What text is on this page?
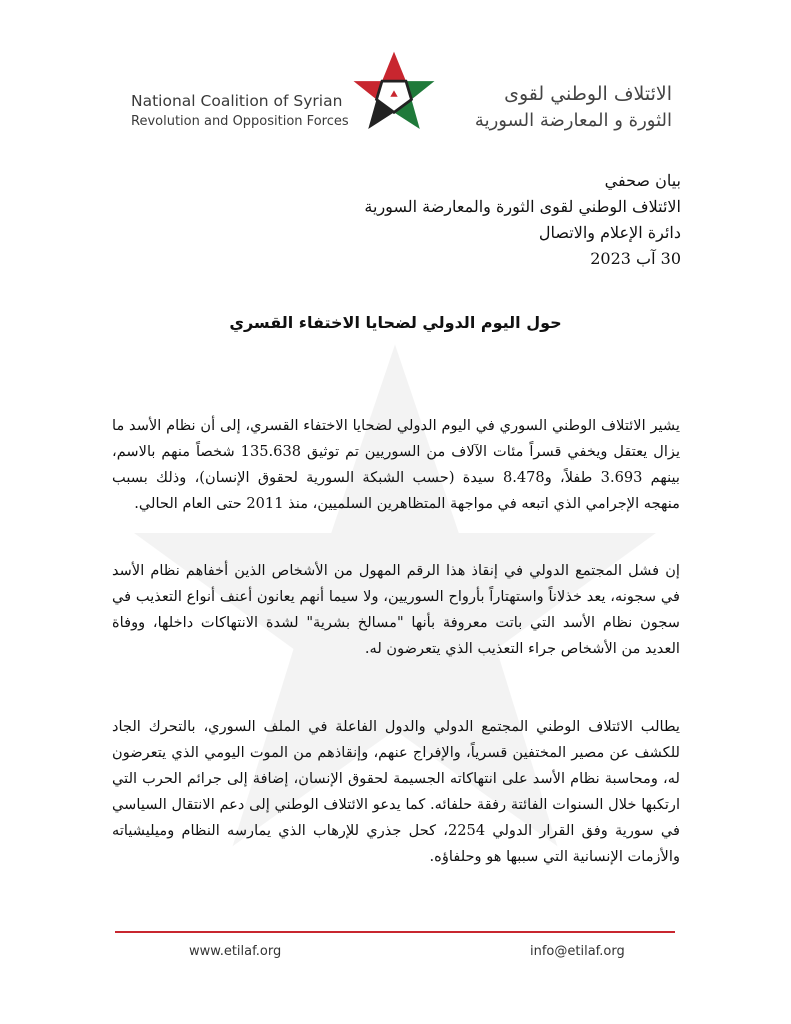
National Coalition of Syrian
Revolution and Opposition Forces
الائتلاف الوطني لقوى
الثورة و المعارضة السورية
بيان صحفي
الائتلاف الوطني لقوى الثورة والمعارضة السورية
دائرة الإعلام والاتصال
30 آب 2023
حول اليوم الدولي لضحايا الاختفاء القسري

يشير الائتلاف الوطني السوري في اليوم الدولي لضحايا الاختفاء القسري، إلى أن نظام الأسد ما يزال يعتقل ويخفي قسراً مئات الآلاف من السوريين تم توثيق 135.638 شخصاً منهم بالاسم، بينهم 3.693 طفلاً، و8.478 سيدة (حسب الشبكة السورية لحقوق الإنسان)، وذلك بسبب منهجه الإجرامي الذي اتبعه في مواجهة المتظاهرين السلميين، منذ 2011 حتى العام الحالي.

إن فشل المجتمع الدولي في إنقاذ هذا الرقم المهول من الأشخاص الذين أخفاهم نظام الأسد في سجونه، يعد خذلاناً واستهتاراً بأرواح السوريين، ولا سيما أنهم يعانون أعنف أنواع التعذيب في سجون نظام الأسد التي باتت معروفة بأنها "مسالخ بشرية" لشدة الانتهاكات داخلها، ووفاة العديد من الأشخاص جراء التعذيب الذي يتعرضون له.

يطالب الائتلاف الوطني المجتمع الدولي والدول الفاعلة في الملف السوري، بالتحرك الجاد للكشف عن مصير المختفين قسرياً، والإفراج عنهم، وإنقاذهم من الموت اليومي الذي يتعرضون له، ومحاسبة نظام الأسد على انتهاكاته الجسيمة لحقوق الإنسان، إضافة إلى جرائم الحرب التي ارتكبها خلال السنوات الفائتة رفقة حلفائه. كما يدعو الائتلاف الوطني إلى دعم الانتقال السياسي في سورية وفق القرار الدولي 2254، كحل جذري للإرهاب الذي يمارسه النظام وميليشياته والأزمات الإنسانية التي سببها هو وحلفاؤه.

www.etilaf.org	info@etilaf.org
